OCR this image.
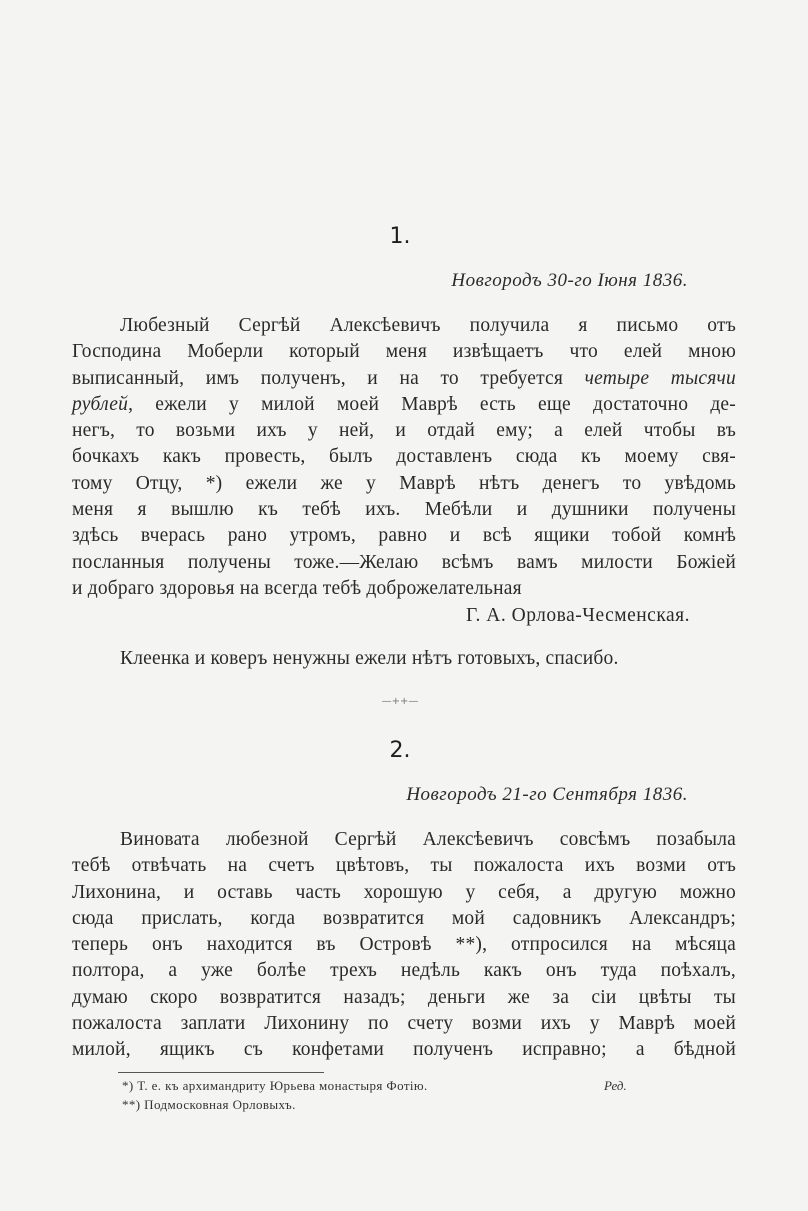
1.
Новгородъ 30-го Іюня 1836.
Любезный Сергѣй Алексѣевичъ получила я письмо отъ
Господина Моберли который меня извѣщаетъ что елей мною
выписанный, имъ полученъ, и на то требуется четыре тысячи
рублей, ежели у милой моей Маврѣ есть еще достаточно де-
негъ, то возьми ихъ у ней, и отдай ему; а елей чтобы въ
бочкахъ какъ провесть, былъ доставленъ сюда къ моему свя-
тому Отцу, *) ежели же у Маврѣ нѣтъ денегъ то увѣдомь
меня я вышлю къ тебѣ ихъ. Мебѣли и душники получены
здѣсь вчерась рано утромъ, равно и всѣ ящики тобой комнѣ
посланныя получены тоже.—Желаю всѣмъ вамъ милости Божіей
и добраго здоровья на всегда тебѣ доброжелательная
Г. А. Орлова-Чесменская.
Клеенка и коверъ ненужны ежели нѣтъ готовыхъ, спасибо.
—++—
2.
Новгородъ 21-го Сентября 1836.
Виновата любезной Сергѣй Алексѣевичъ совсѣмъ позабыла
тебѣ отвѣчать на счетъ цвѣтовъ, ты пожалоста ихъ возми отъ
Лихонина, и оставь часть хорошую у себя, а другую можно
сюда прислать, когда возвратится мой садовникъ Александръ;
теперь онъ находится въ Островѣ **), отпросился на мѣсяца
полтора, а уже болѣе трехъ недѣль какъ онъ туда поѣхалъ,
думаю скоро возвратится назадъ; деньги же за сіи цвѣты ты
пожалоста заплати Лихонину по счету возми ихъ у Маврѣ моей
милой, ящикъ съ конфетами полученъ исправно; а бѣдной
*) Т. е. къ архимандриту Юрьева монастыря Фотію.	Ред.
**) Подмосковная Орловыхъ.
